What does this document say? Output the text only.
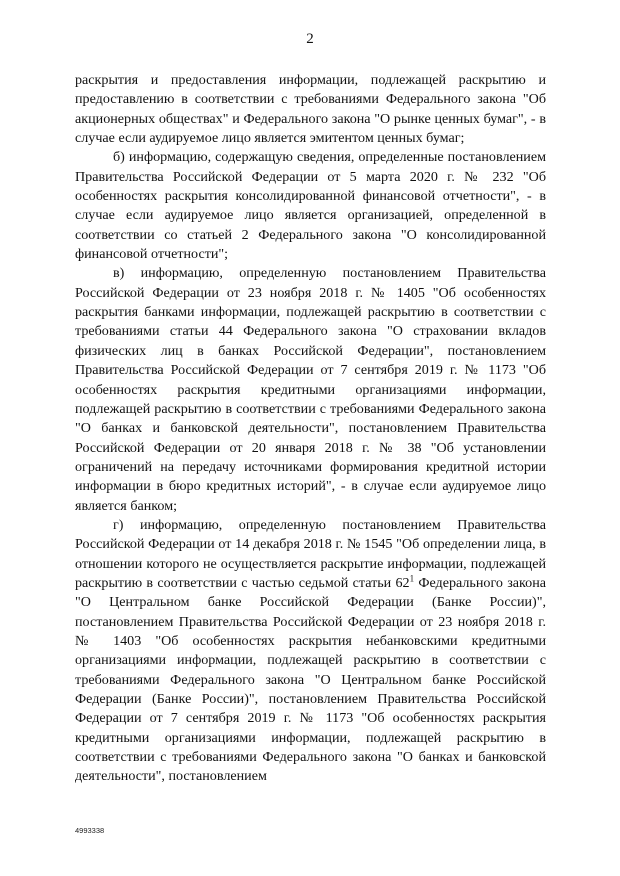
2

раскрытия и предоставления информации, подлежащей раскрытию и предоставлению в соответствии с требованиями Федерального закона "Об акционерных обществах" и Федерального закона "О рынке ценных бумаг", - в случае если аудируемое лицо является эмитентом ценных бумаг;

б) информацию, содержащую сведения, определенные постановлением Правительства Российской Федерации от 5 марта 2020 г. № 232 "Об особенностях раскрытия консолидированной финансовой отчетности", - в случае если аудируемое лицо является организацией, определенной в соответствии со статьей 2 Федерального закона "О консолидированной финансовой отчетности";

в) информацию, определенную постановлением Правительства Российской Федерации от 23 ноября 2018 г. № 1405 "Об особенностях раскрытия банками информации, подлежащей раскрытию в соответствии с требованиями статьи 44 Федерального закона "О страховании вкладов физических лиц в банках Российской Федерации", постановлением Правительства Российской Федерации от 7 сентября 2019 г. № 1173 "Об особенностях раскрытия кредитными организациями информации, подлежащей раскрытию в соответствии с требованиями Федерального закона "О банках и банковской деятельности", постановлением Правительства Российской Федерации от 20 января 2018 г. № 38 "Об установлении ограничений на передачу источниками формирования кредитной истории информации в бюро кредитных историй", - в случае если аудируемое лицо является банком;

г) информацию, определенную постановлением Правительства Российской Федерации от 14 декабря 2018 г. № 1545 "Об определении лица, в отношении которого не осуществляется раскрытие информации, подлежащей раскрытию в соответствии с частью седьмой статьи $62^1$ Федерального закона "О Центральном банке Российской Федерации (Банке России)", постановлением Правительства Российской Федерации от 23 ноября 2018 г. № 1403 "Об особенностях раскрытия небанковскими кредитными организациями информации, подлежащей раскрытию в соответствии с требованиями Федерального закона "О Центральном банке Российской Федерации (Банке России)", постановлением Правительства Российской Федерации от 7 сентября 2019 г. № 1173 "Об особенностях раскрытия кредитными организациями информации, подлежащей раскрытию в соответствии с требованиями Федерального закона "О банках и банковской деятельности", постановлением

4993338
